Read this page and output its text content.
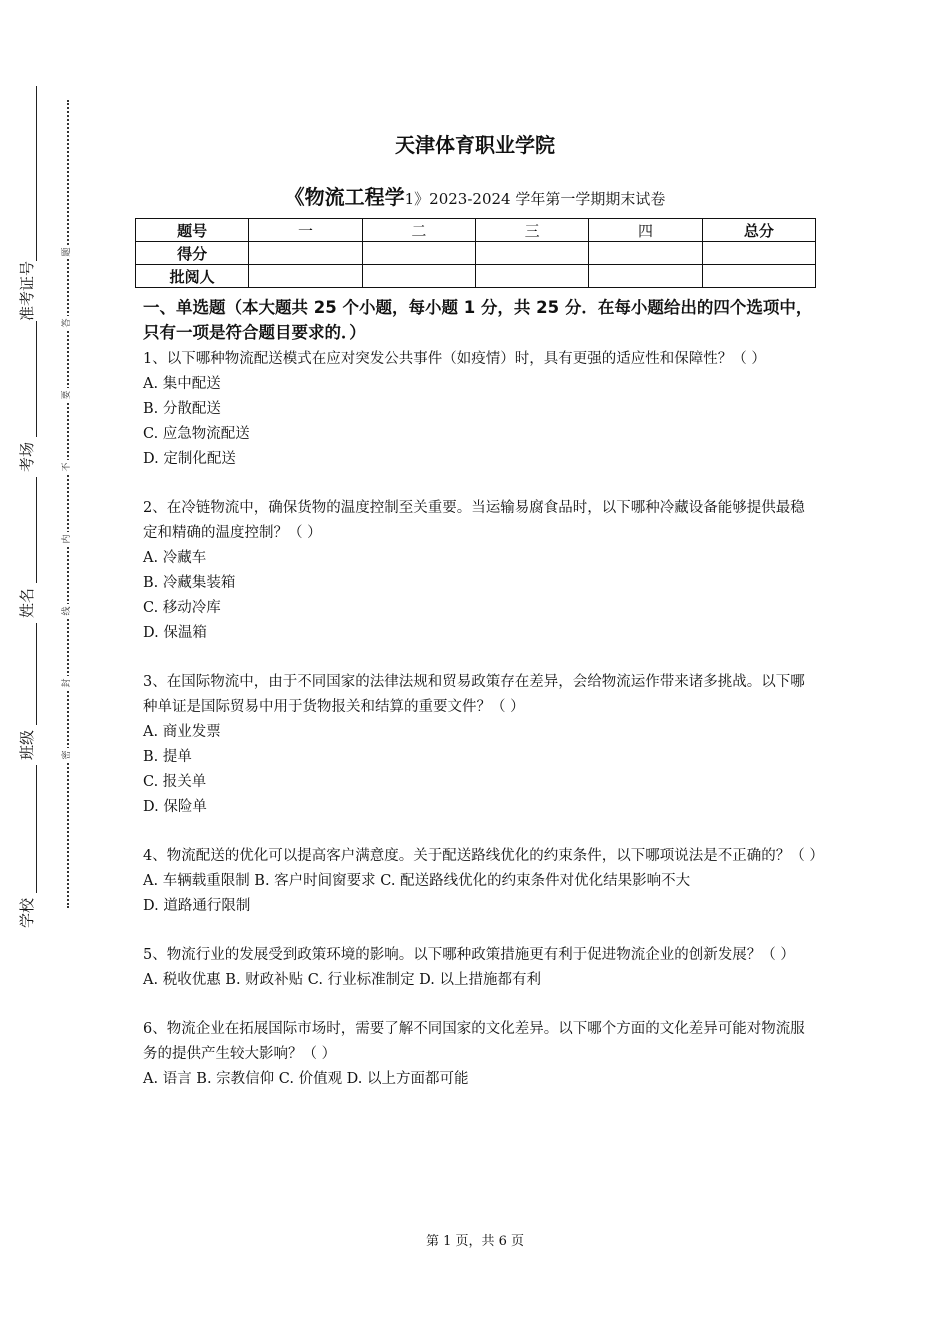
准考证号
考场
姓名
班级
学校
题
答
要
不
内
线
封
密
天津体育职业学院
《物流工程学1》2023-2024 学年第一学期期末试卷
题号	一	二	三	四	总分
得分					
批阅人					
一、单选题（本大题共 25 个小题，每小题 1 分，共 25 分．在每小题给出的四个选项中，只有一项是符合题目要求的．）

1、以下哪种物流配送模式在应对突发公共事件（如疫情）时，具有更强的适应性和保障性？（ ）

A. 集中配送

B. 分散配送

C. 应急物流配送

D. 定制化配送

2、在冷链物流中，确保货物的温度控制至关重要。当运输易腐食品时，以下哪种冷藏设备能够提供最稳定和精确的温度控制？（ ）

A. 冷藏车

B. 冷藏集装箱

C. 移动冷库

D. 保温箱

3、在国际物流中，由于不同国家的法律法规和贸易政策存在差异，会给物流运作带来诸多挑战。以下哪种单证是国际贸易中用于货物报关和结算的重要文件？（ ）

A. 商业发票

B. 提单

C. 报关单

D. 保险单

4、物流配送的优化可以提高客户满意度。关于配送路线优化的约束条件，以下哪项说法是不正确的？（ ）

A. 车辆载重限制 B. 客户时间窗要求 C. 配送路线优化的约束条件对优化结果影响不大

D. 道路通行限制

5、物流行业的发展受到政策环境的影响。以下哪种政策措施更有利于促进物流企业的创新发展？（ ）

A. 税收优惠 B. 财政补贴 C. 行业标准制定 D. 以上措施都有利

6、物流企业在拓展国际市场时，需要了解不同国家的文化差异。以下哪个方面的文化差异可能对物流服务的提供产生较大影响？（ ）

A. 语言 B. 宗教信仰 C. 价值观 D. 以上方面都可能

第 1 页，共 6 页
